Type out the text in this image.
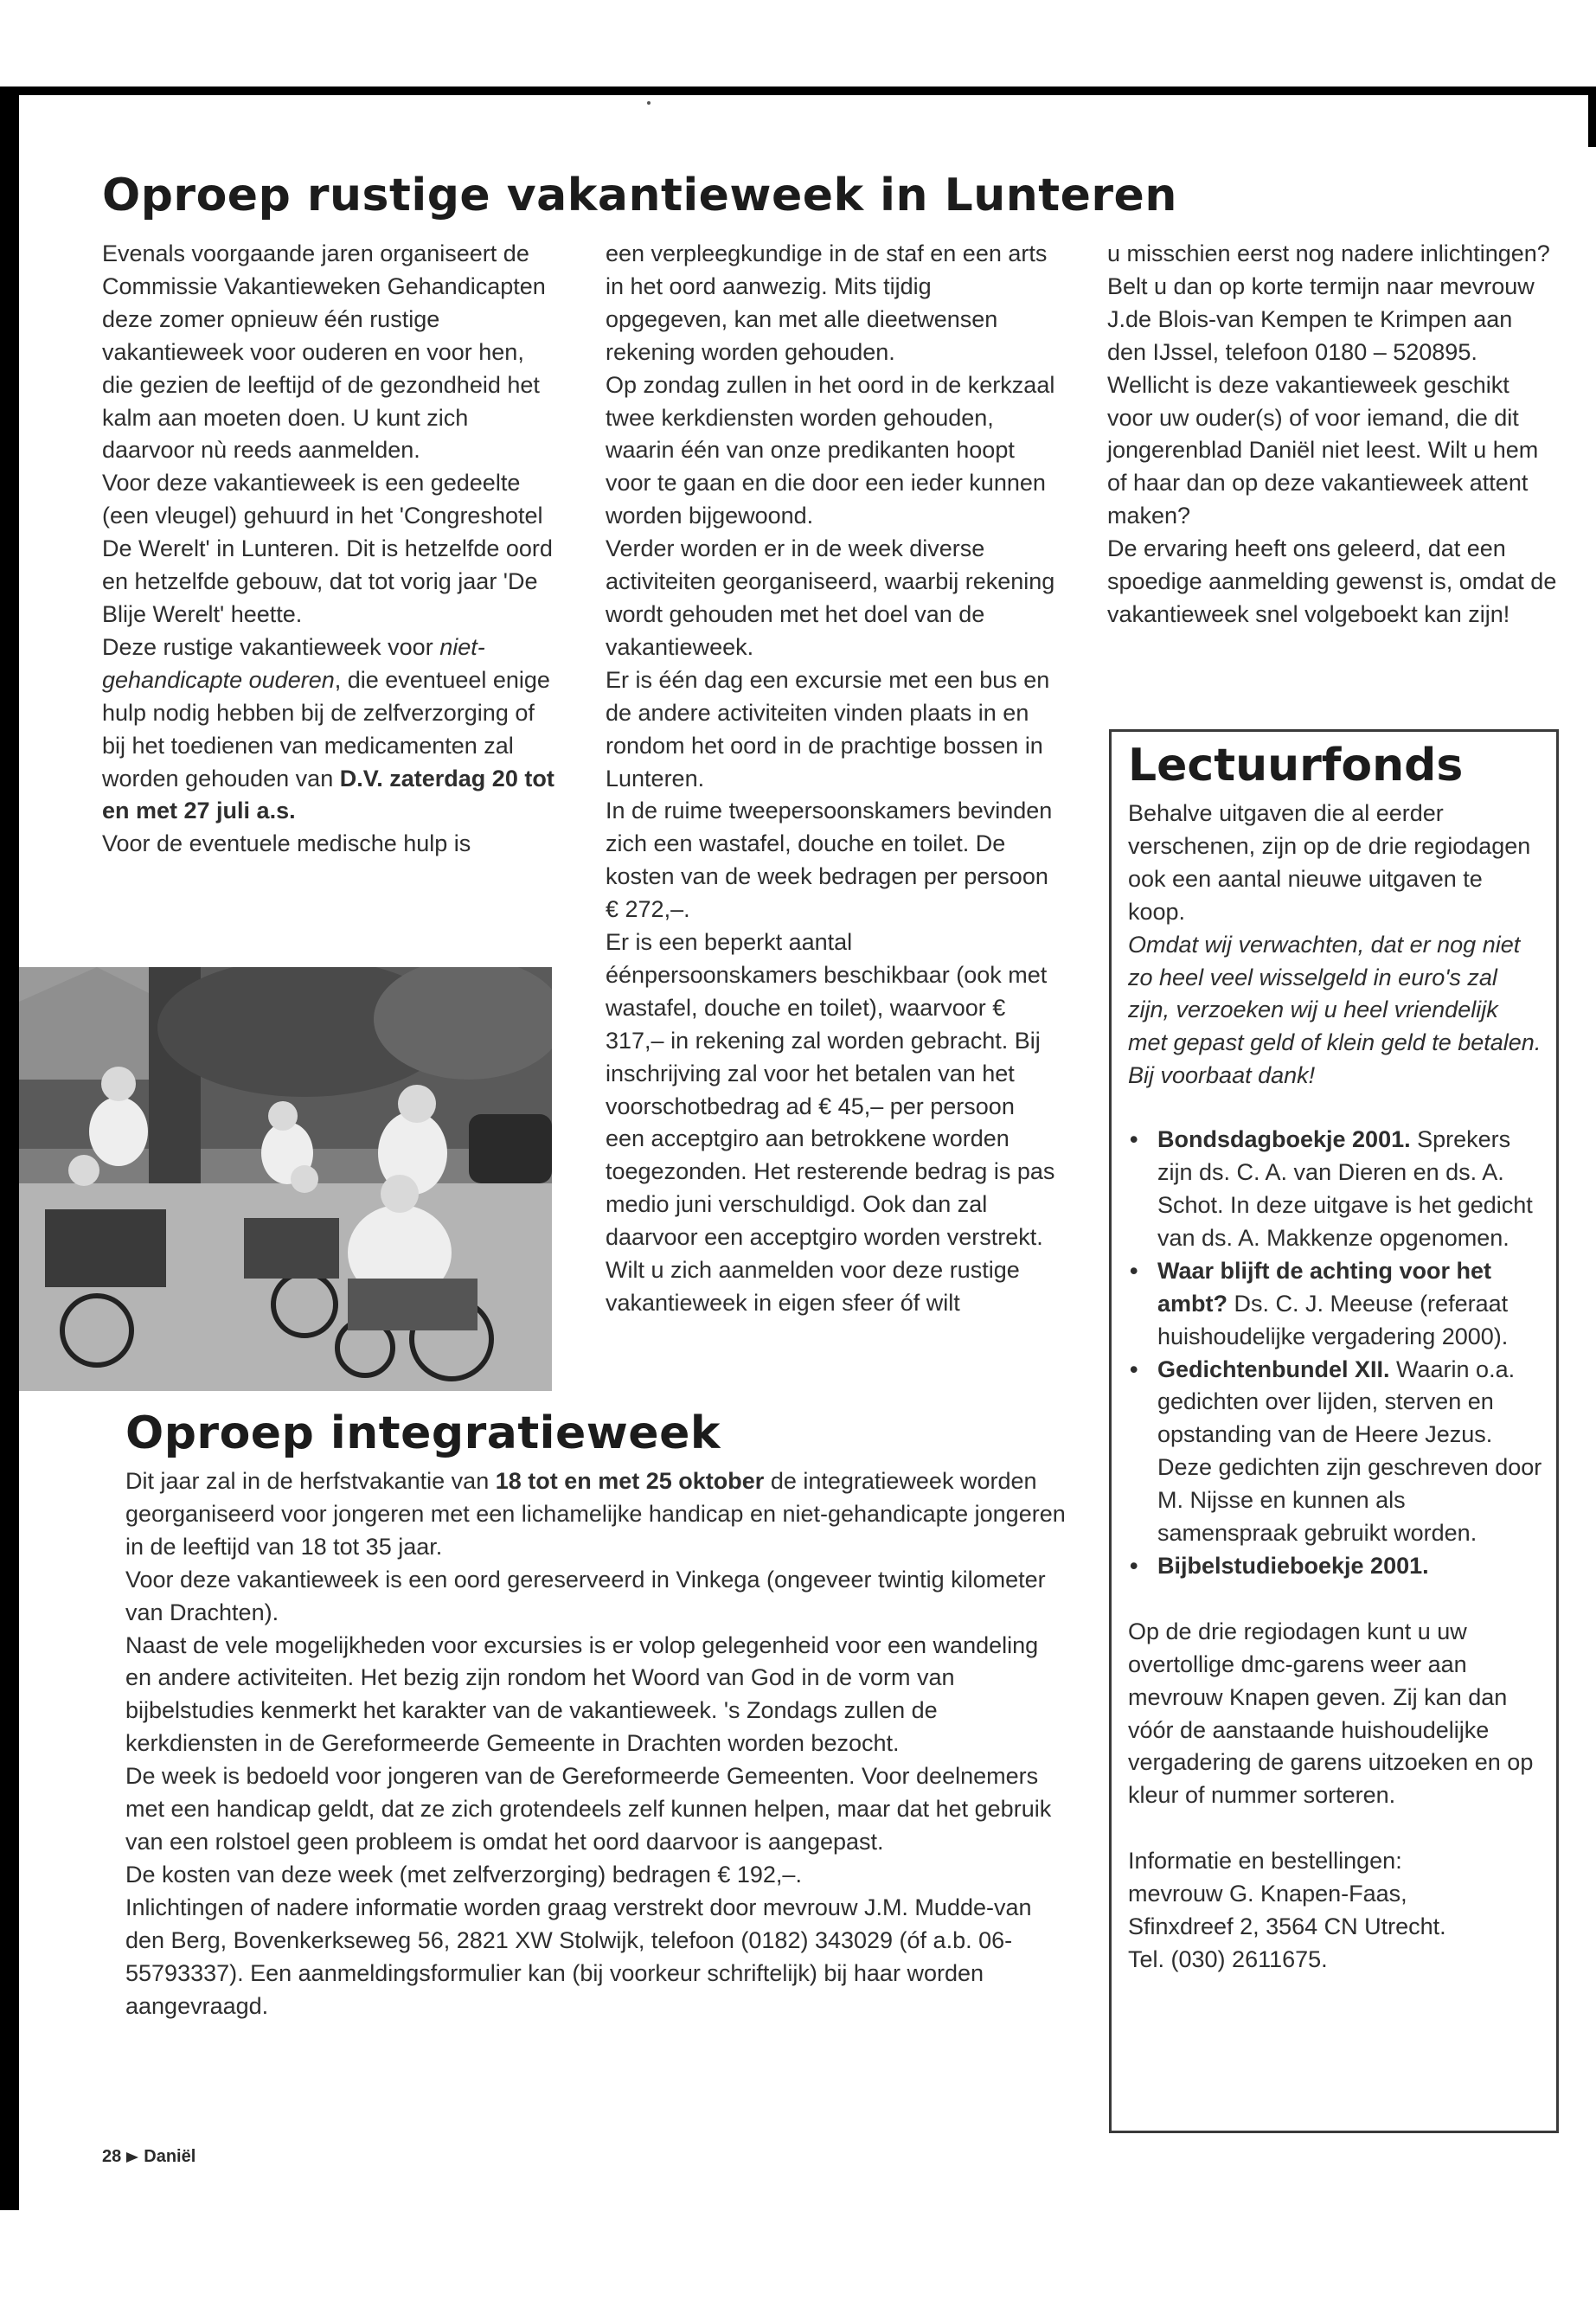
Oproep rustige vakantieweek in Lunteren

Evenals voorgaande jaren organiseert de Commissie Vakantieweken Gehandicapten deze zomer opnieuw één rustige vakantieweek voor ouderen en voor hen, die gezien de leeftijd of de gezondheid het kalm aan moeten doen. U kunt zich daarvoor nù reeds aanmelden.

Voor deze vakantieweek is een gedeelte (een vleugel) gehuurd in het 'Congreshotel De Werelt' in Lunteren. Dit is hetzelfde oord en hetzelfde gebouw, dat tot vorig jaar 'De Blije Werelt' heette.

Deze rustige vakantieweek voor niet-gehandicapte ouderen, die eventueel enige hulp nodig hebben bij de zelfverzorging of bij het toedienen van medicamenten zal worden gehouden van D.V. zaterdag 20 tot en met 27 juli a.s.

Voor de eventuele medische hulp is

een verpleegkundige in de staf en een arts in het oord aanwezig. Mits tijdig opgegeven, kan met alle dieetwensen rekening worden gehouden.

Op zondag zullen in het oord in de kerkzaal twee kerkdiensten worden gehouden, waarin één van onze predikanten hoopt voor te gaan en die door een ieder kunnen worden bijgewoond.

Verder worden er in de week diverse activiteiten georganiseerd, waarbij rekening wordt gehouden met het doel van de vakantieweek.

Er is één dag een excursie met een bus en de andere activiteiten vinden plaats in en rondom het oord in de prachtige bossen in Lunteren.

In de ruime tweepersoonskamers bevinden zich een wastafel, douche en toilet. De kosten van de week bedragen per persoon € 272,–.

Er is een beperkt aantal éénpersoonskamers beschikbaar (ook met wastafel, douche en toilet), waarvoor € 317,– in rekening zal worden gebracht. Bij inschrijving zal voor het betalen van het voorschotbedrag ad € 45,– per persoon een acceptgiro aan betrokkene worden toegezonden. Het resterende bedrag is pas medio juni verschuldigd. Ook dan zal daarvoor een acceptgiro worden verstrekt.

Wilt u zich aanmelden voor deze rustige vakantieweek in eigen sfeer óf wilt

u misschien eerst nog nadere inlichtingen? Belt u dan op korte termijn naar mevrouw J.de Blois-van Kempen te Krimpen aan den IJssel, telefoon 0180 – 520895.

Wellicht is deze vakantieweek geschikt voor uw ouder(s) of voor iemand, die dit jongerenblad Daniël niet leest. Wilt u hem of haar dan op deze vakantieweek attent maken?

De ervaring heeft ons geleerd, dat een spoedige aanmelding gewenst is, omdat de vakantieweek snel volgeboekt kan zijn!

Oproep integratieweek

Dit jaar zal in de herfstvakantie van 18 tot en met 25 oktober de integratieweek worden georganiseerd voor jongeren met een lichamelijke handicap en niet-gehandicapte jongeren in de leeftijd van 18 tot 35 jaar.

Voor deze vakantieweek is een oord gereserveerd in Vinkega (ongeveer twintig kilometer van Drachten).

Naast de vele mogelijkheden voor excursies is er volop gelegenheid voor een wandeling en andere activiteiten. Het bezig zijn rondom het Woord van God in de vorm van bijbelstudies kenmerkt het karakter van de vakantieweek. 's Zondags zullen de kerkdiensten in de Gereformeerde Gemeente in Drachten worden bezocht.

De week is bedoeld voor jongeren van de Gereformeerde Gemeenten. Voor deelnemers met een handicap geldt, dat ze zich grotendeels zelf kunnen helpen, maar dat het gebruik van een rolstoel geen probleem is omdat het oord daarvoor is aangepast.

De kosten van deze week (met zelfverzorging) bedragen € 192,–.

Inlichtingen of nadere informatie worden graag verstrekt door mevrouw J.M. Mudde-van den Berg, Bovenkerkseweg 56, 2821 XW Stolwijk, telefoon (0182) 343029 (óf a.b. 06-55793337). Een aanmeldingsformulier kan (bij voorkeur schriftelijk) bij haar worden aangevraagd.

Lectuurfonds

Behalve uitgaven die al eerder verschenen, zijn op de drie regiodagen ook een aantal nieuwe uitgaven te koop.

Omdat wij verwachten, dat er nog niet zo heel veel wisselgeld in euro's zal zijn, verzoeken wij u heel vriendelijk met gepast geld of klein geld te betalen. Bij voorbaat dank!

• Bondsdagboekje 2001. Sprekers zijn ds. C. A. van Dieren en ds. A. Schot. In deze uitgave is het gedicht van ds. A. Makkenze opgenomen.
• Waar blijft de achting voor het ambt? Ds. C. J. Meeuse (referaat huishoudelijke vergadering 2000).
• Gedichtenbundel XII. Waarin o.a. gedichten over lijden, sterven en opstanding van de Heere Jezus. Deze gedichten zijn geschreven door M. Nijsse en kunnen als samenspraak gebruikt worden.
• Bijbelstudieboekje 2001.

Op de drie regiodagen kunt u uw overtollige dmc-garens weer aan mevrouw Knapen geven. Zij kan dan vóór de aanstaande huishoudelijke vergadering de garens uitzoeken en op kleur of nummer sorteren.

Informatie en bestellingen:
mevrouw G. Knapen-Faas,
Sfinxdreef 2, 3564 CN Utrecht.
Tel. (030) 2611675.
28 Daniël
